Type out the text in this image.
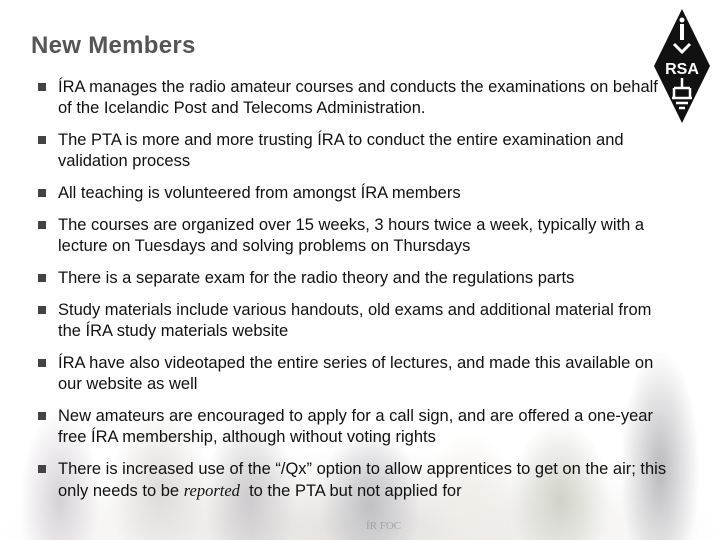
ÍR FOC
New Members
RSA
ÍRA manages the radio amateur courses and conducts the examinations on behalf of the Icelandic Post and Telecoms Administration.
The PTA is more and more trusting ÍRA to conduct the entire examination and validation process
All teaching is volunteered from amongst ÍRA members
The courses are organized over 15 weeks, 3 hours twice a week, typically with a lecture on Tuesdays and solving problems on Thursdays
There is a separate exam for the radio theory and the regulations parts
Study materials include various handouts, old exams and additional material from the ÍRA study materials website
ÍRA have also videotaped the entire series of lectures, and made this available on our website as well
New amateurs are encouraged to apply for a call sign, and are offered a one-year free ÍRA membership, although without voting rights
There is increased use of the “/Qx” option to allow apprentices to get on the air; this only needs to be reported  to the PTA but not applied for
